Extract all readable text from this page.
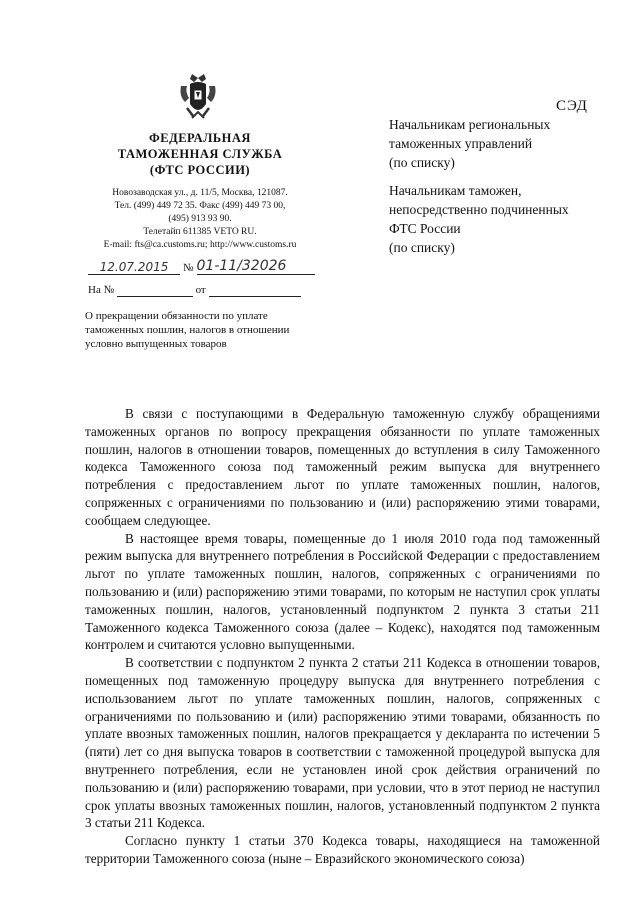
ФЕДЕРАЛЬНАЯ
ТАМОЖЕННАЯ СЛУЖБА
(ФТС РОССИИ)
Новозаводская ул., д. 11/5, Москва, 121087.
Тел. (499) 449 72 35. Факс (499) 449 73 00,
(495) 913 93 90.
Телетайп 611385 VETO RU.
E-mail: fts@ca.customs.ru; http://www.customs.ru
12.07.2015 № 01-11/32026
На №	от
О прекращении обязанности по уплате таможенных пошлин, налогов в отношении условно выпущенных товаров
СЭД
Начальникам региональных
таможенных управлений
(по списку)
Начальникам таможен,
непосредственно подчиненных
ФТС России
(по списку)

В связи с поступающими в Федеральную таможенную службу обращениями таможенных органов по вопросу прекращения обязанности по уплате таможенных пошлин, налогов в отношении товаров, помещенных до вступления в силу Таможенного кодекса Таможенного союза под таможенный режим выпуска для внутреннего потребления с предоставлением льгот по уплате таможенных пошлин, налогов, сопряженных с ограничениями по пользованию и (или) распоряжению этими товарами, сообщаем следующее.

В настоящее время товары, помещенные до 1 июля 2010 года под таможенный режим выпуска для внутреннего потребления в Российской Федерации с предоставлением льгот по уплате таможенных пошлин, налогов, сопряженных с ограничениями по пользованию и (или) распоряжению этими товарами, по которым не наступил срок уплаты таможенных пошлин, налогов, установленный подпунктом 2 пункта 3 статьи 211 Таможенного кодекса Таможенного союза (далее – Кодекс), находятся под таможенным контролем и считаются условно выпущенными.

В соответствии с подпунктом 2 пункта 2 статьи 211 Кодекса в отношении товаров, помещенных под таможенную процедуру выпуска для внутреннего потребления с использованием льгот по уплате таможенных пошлин, налогов, сопряженных с ограничениями по пользованию и (или) распоряжению этими товарами, обязанность по уплате ввозных таможенных пошлин, налогов прекращается у декларанта по истечении 5 (пяти) лет со дня выпуска товаров в соответствии с таможенной процедурой выпуска для внутреннего потребления, если не установлен иной срок действия ограничений по пользованию и (или) распоряжению товарами, при условии, что в этот период не наступил срок уплаты ввозных таможенных пошлин, налогов, установленный подпунктом 2 пункта 3 статьи 211 Кодекса.

Согласно пункту 1 статьи 370 Кодекса товары, находящиеся на таможенной территории Таможенного союза (ныне – Евразийского экономического союза)
